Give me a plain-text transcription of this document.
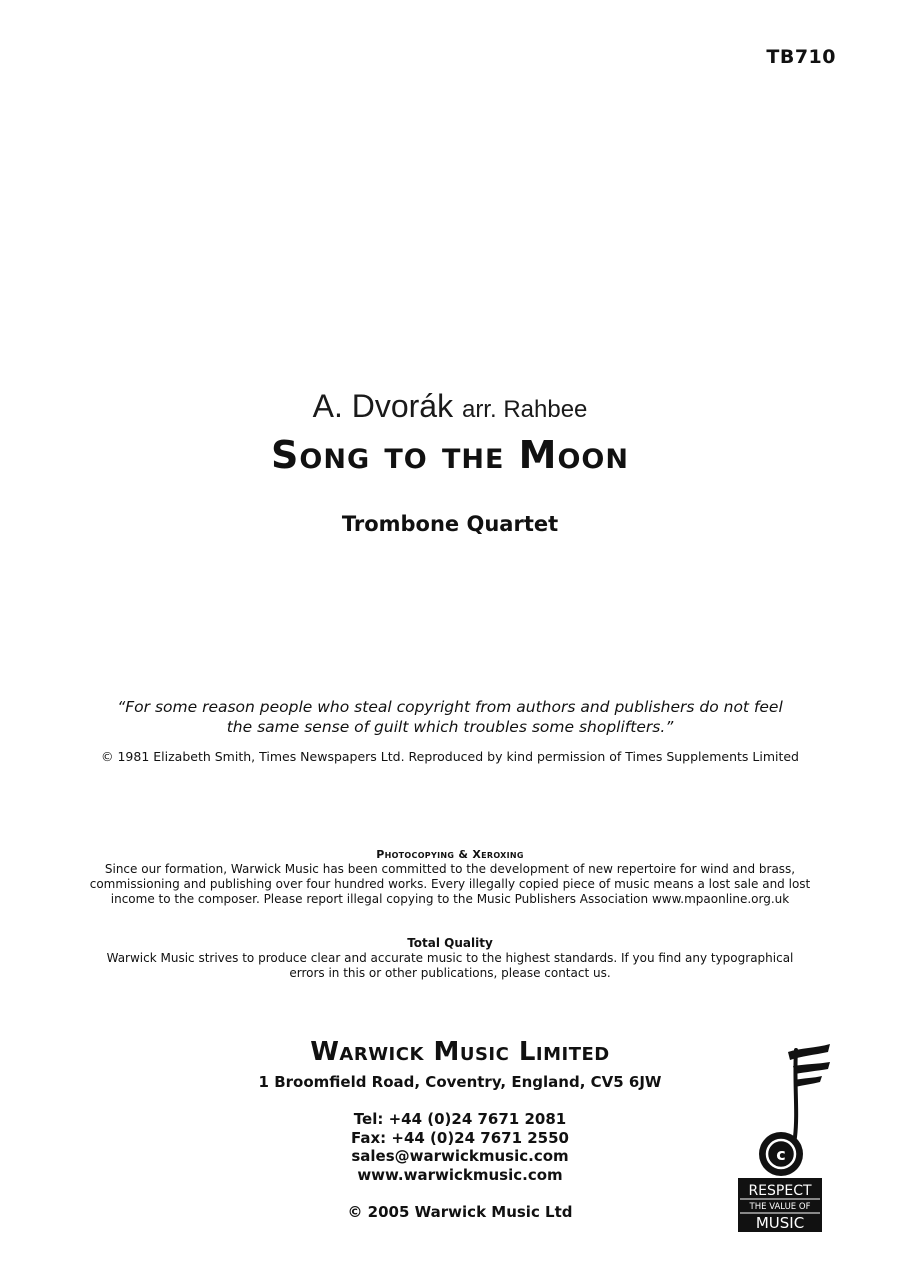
TB710
A. Dvorák arr. Rahbee
Song to the Moon
Trombone Quartet
“For some reason people who steal copyright from authors and publishers do not feel
the same sense of guilt which troubles some shoplifters.”
© 1981 Elizabeth Smith, Times Newspapers Ltd. Reproduced by kind permission of Times Supplements Limited
Photocopying & Xeroxing
Since our formation, Warwick Music has been committed to the development of new repertoire for wind and brass,
commissioning and publishing over four hundred works. Every illegally copied piece of music means a lost sale and lost
income to the composer. Please report illegal copying to the Music Publishers Association www.mpaonline.org.uk
Total Quality
Warwick Music strives to produce clear and accurate music to the highest standards. If you find any typographical
errors in this or other publications, please contact us.
Warwick Music Limited
1 Broomfield Road, Coventry, England, CV5 6JW
Tel: +44 (0)24 7671 2081
Fax: +44 (0)24 7671 2550
sales@warwickmusic.com
www.warwickmusic.com
© 2005 Warwick Music Ltd
c
RESPECT
THE VALUE OF
MUSIC
